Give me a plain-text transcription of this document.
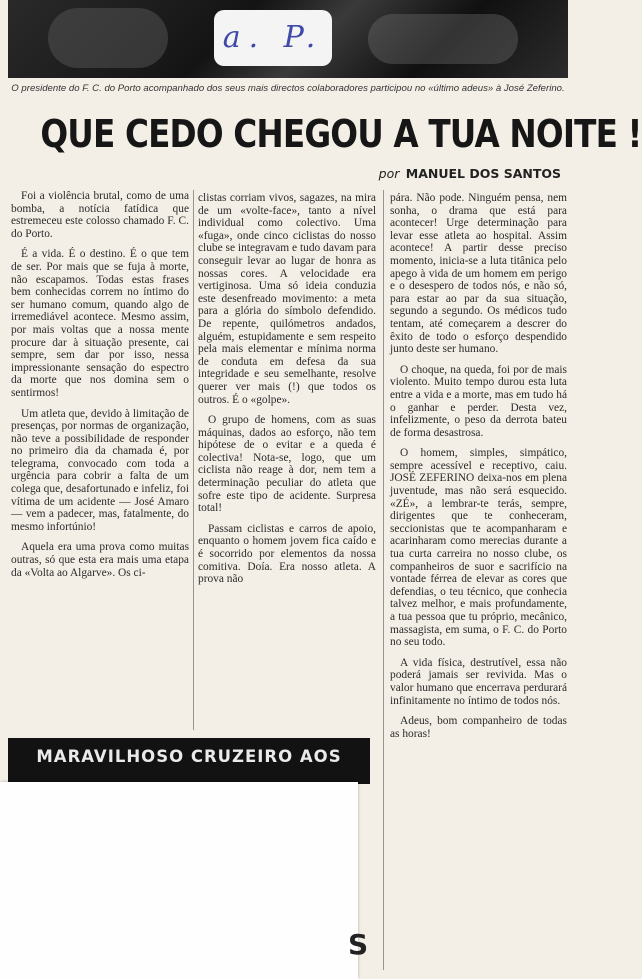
a. P.
O presidente do F. C. do Porto acompanhado dos seus mais directos colaboradores participou no «último adeus» à José Zeferino.
QUE CEDO CHEGOU A TUA NOITE !
por MANUEL DOS SANTOS

Foi a violência brutal, como de uma bomba, a notícia fatídica que estremeceu este colosso chamado F. C. do Porto.

É a vida. É o destino. É o que tem de ser. Por mais que se fuja à morte, não escapamos. Todas estas frases bem conhecidas correm no íntimo do ser humano comum, quando algo de irremediável acontece. Mesmo assim, por mais voltas que a nossa mente procure dar à situação presente, cai sempre, sem dar por isso, nessa impressionante sensação do espectro da morte que nos domina sem o sentirmos!

Um atleta que, devido à limitação de presenças, por normas de organização, não teve a possibilidade de responder no primeiro dia da chamada é, por telegrama, convocado com toda a urgência para cobrir a falta de um colega que, desafortunado e infeliz, foi vítima de um acidente — José Amaro — vem a padecer, mas, fatalmente, do mesmo infortúnio!

Aquela era uma prova como muitas outras, só que esta era mais uma etapa da «Volta ao Algarve». Os ci-

clistas corriam vivos, sagazes, na mira de um «volte-face», tanto a nível individual como colectivo. Uma «fuga», onde cinco ciclistas do nosso clube se integravam e tudo davam para conseguir levar ao lugar de honra as nossas cores. A velocidade era vertiginosa. Uma só ideia conduzia este desenfreado movimento: a meta para a glória do símbolo defendido. De repente, quilómetros andados, alguém, estupidamente e sem respeito pela mais elementar e mínima norma de conduta em defesa da sua integridade e seu semelhante, resolve querer ver mais (!) que todos os outros. É o «golpe».

O grupo de homens, com as suas máquinas, dados ao esforço, não tem hipótese de o evitar e a queda é colectiva! Nota-se, logo, que um ciclista não reage à dor, nem tem a determinação peculiar do atleta que sofre este tipo de acidente. Surpresa total!

Passam ciclistas e carros de apoio, enquanto o homem jovem fica caído e é socorrido por elementos da nossa comitiva. Doía. Era nosso atleta. A prova não

pára. Não pode. Ninguém pensa, nem sonha, o drama que está para acontecer! Urge determinação para levar esse atleta ao hospital. Assim acontece! A partir desse preciso momento, inicia-se a luta titânica pelo apego à vida de um homem em perigo e o desespero de todos nós, e não só, para estar ao par da sua situação, segundo a segundo. Os médicos tudo tentam, até começarem a descrer do êxito de todo o esforço despendido junto deste ser humano.

O choque, na queda, foi por de mais violento. Muito tempo durou esta luta entre a vida e a morte, mas em tudo há o ganhar e perder. Desta vez, infelizmente, o peso da derrota bateu de forma desastrosa.

O homem, simples, simpático, sempre acessível e receptivo, caiu. JOSÉ ZEFERINO deixa-nos em plena juventude, mas não será esquecido. «ZÉ», a lembrar-te terás, sempre, dirigentes que te conheceram, seccionistas que te acompanharam e acarinharam como merecias durante a tua curta carreira no nosso clube, os companheiros de suor e sacrifício na vontade férrea de elevar as cores que defendias, o teu técnico, que conhecia talvez melhor, e mais profundamente, a tua pessoa que tu próprio, mecânico, massagista, em suma, o F. C. do Porto no seu todo.

A vida física, destrutível, essa não poderá jamais ser revivida. Mas o valor humano que encerrava perdurará infinitamente no íntimo de todos nós.

Adeus, bom companheiro de todas as horas!

MARAVILHOSO CRUZEIRO AOS
S
